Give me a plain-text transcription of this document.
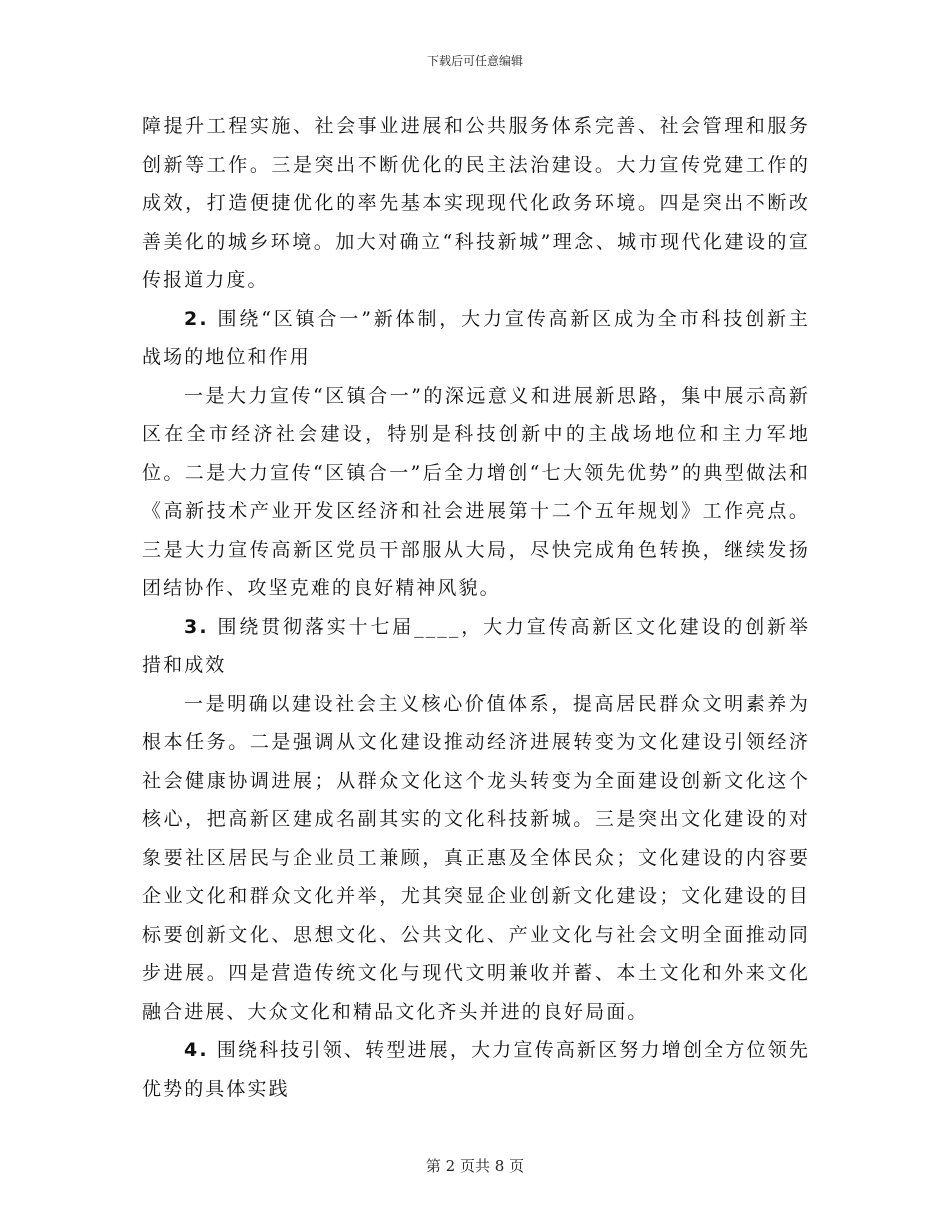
下载后可任意编辑

障提升工程实施、社会事业进展和公共服务体系完善、社会管理和服务创新等工作。三是突出不断优化的民主法治建设。大力宣传党建工作的成效，打造便捷优化的率先基本实现现代化政务环境。四是突出不断改善美化的城乡环境。加大对确立“科技新城”理念、城市现代化建设的宣传报道力度。

2. 围绕“区镇合一”新体制，大力宣传高新区成为全市科技创新主战场的地位和作用

一是大力宣传“区镇合一”的深远意义和进展新思路，集中展示高新区在全市经济社会建设，特别是科技创新中的主战场地位和主力军地位。二是大力宣传“区镇合一”后全力增创“七大领先优势”的典型做法和《高新技术产业开发区经济和社会进展第十二个五年规划》工作亮点。三是大力宣传高新区党员干部服从大局，尽快完成角色转换，继续发扬团结协作、攻坚克难的良好精神风貌。

3. 围绕贯彻落实十七届____，大力宣传高新区文化建设的创新举措和成效

一是明确以建设社会主义核心价值体系，提高居民群众文明素养为根本任务。二是强调从文化建设推动经济进展转变为文化建设引领经济社会健康协调进展；从群众文化这个龙头转变为全面建设创新文化这个核心，把高新区建成名副其实的文化科技新城。三是突出文化建设的对象要社区居民与企业员工兼顾，真正惠及全体民众；文化建设的内容要企业文化和群众文化并举，尤其突显企业创新文化建设；文化建设的目标要创新文化、思想文化、公共文化、产业文化与社会文明全面推动同步进展。四是营造传统文化与现代文明兼收并蓄、本土文化和外来文化融合进展、大众文化和精品文化齐头并进的良好局面。

4. 围绕科技引领、转型进展，大力宣传高新区努力增创全方位领先优势的具体实践

第 2 页共 8 页
